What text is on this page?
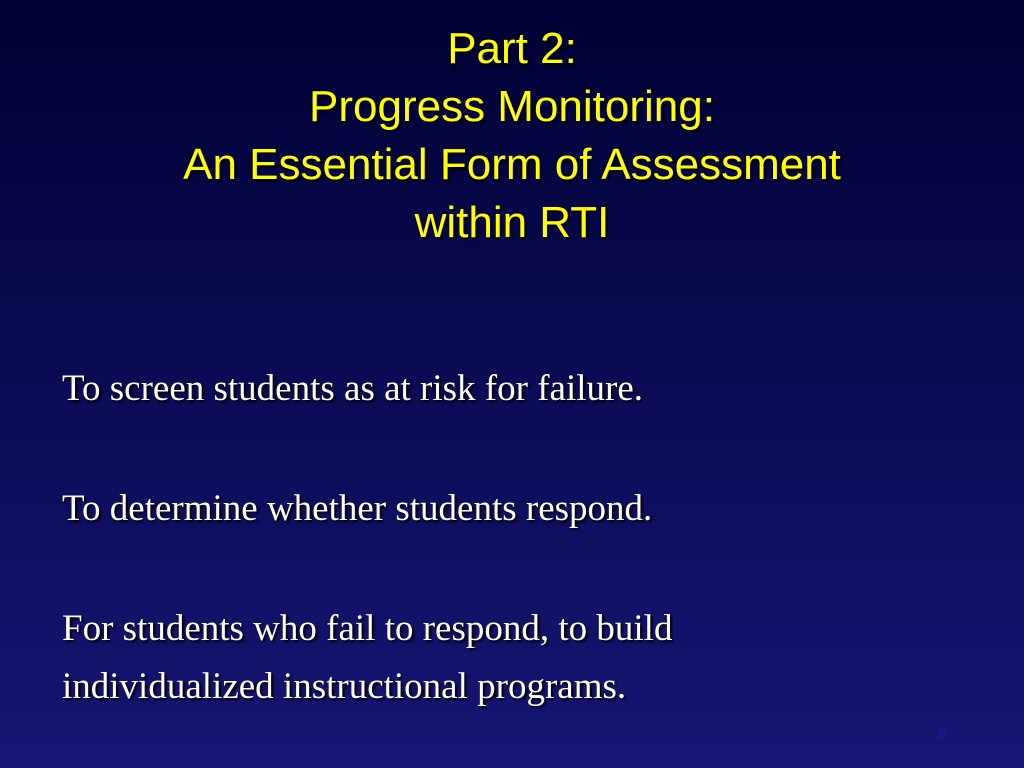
Part 2:
Progress Monitoring:
An Essential Form of Assessment
within RTI

To screen students as at risk for failure.

To determine whether students respond.

For students who fail to respond, to build
individualized instructional programs.

8
